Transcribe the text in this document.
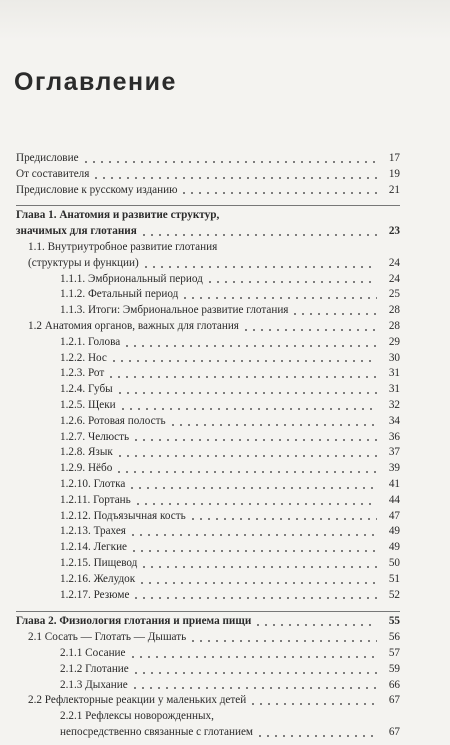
Оглавление
Предисловие	17
От составителя	19
Предисловие к русскому изданию	21
Глава 1. Анатомия и развитие структур,
значимых для глотания	23
1.1. Внутриутробное развитие глотания
(структуры и функции)	24
1.1.1. Эмбриональный период	24
1.1.2. Фетальный период	25
1.1.3. Итоги: Эмбриональное развитие глотания	28
1.2 Анатомия органов, важных для глотания	28
1.2.1. Голова	29
1.2.2. Нос	30
1.2.3. Рот	31
1.2.4. Губы	31
1.2.5. Щеки	32
1.2.6. Ротовая полость	34
1.2.7. Челюсть	36
1.2.8. Язык	37
1.2.9. Нёбо	39
1.2.10. Глотка	41
1.2.11. Гортань	44
1.2.12. Подъязычная кость	47
1.2.13. Трахея	49
1.2.14. Легкие	49
1.2.15. Пищевод	50
1.2.16. Желудок	51
1.2.17. Резюме	52
Глава 2. Физиология глотания и приема пищи	55
2.1 Сосать — Глотать — Дышать	56
2.1.1 Сосание	57
2.1.2 Глотание	59
2.1.3 Дыхание	66
2.2 Рефлекторные реакции у маленьких детей	67
2.2.1 Рефлексы новорожденных,
непосредственно связанные с глотанием	67
